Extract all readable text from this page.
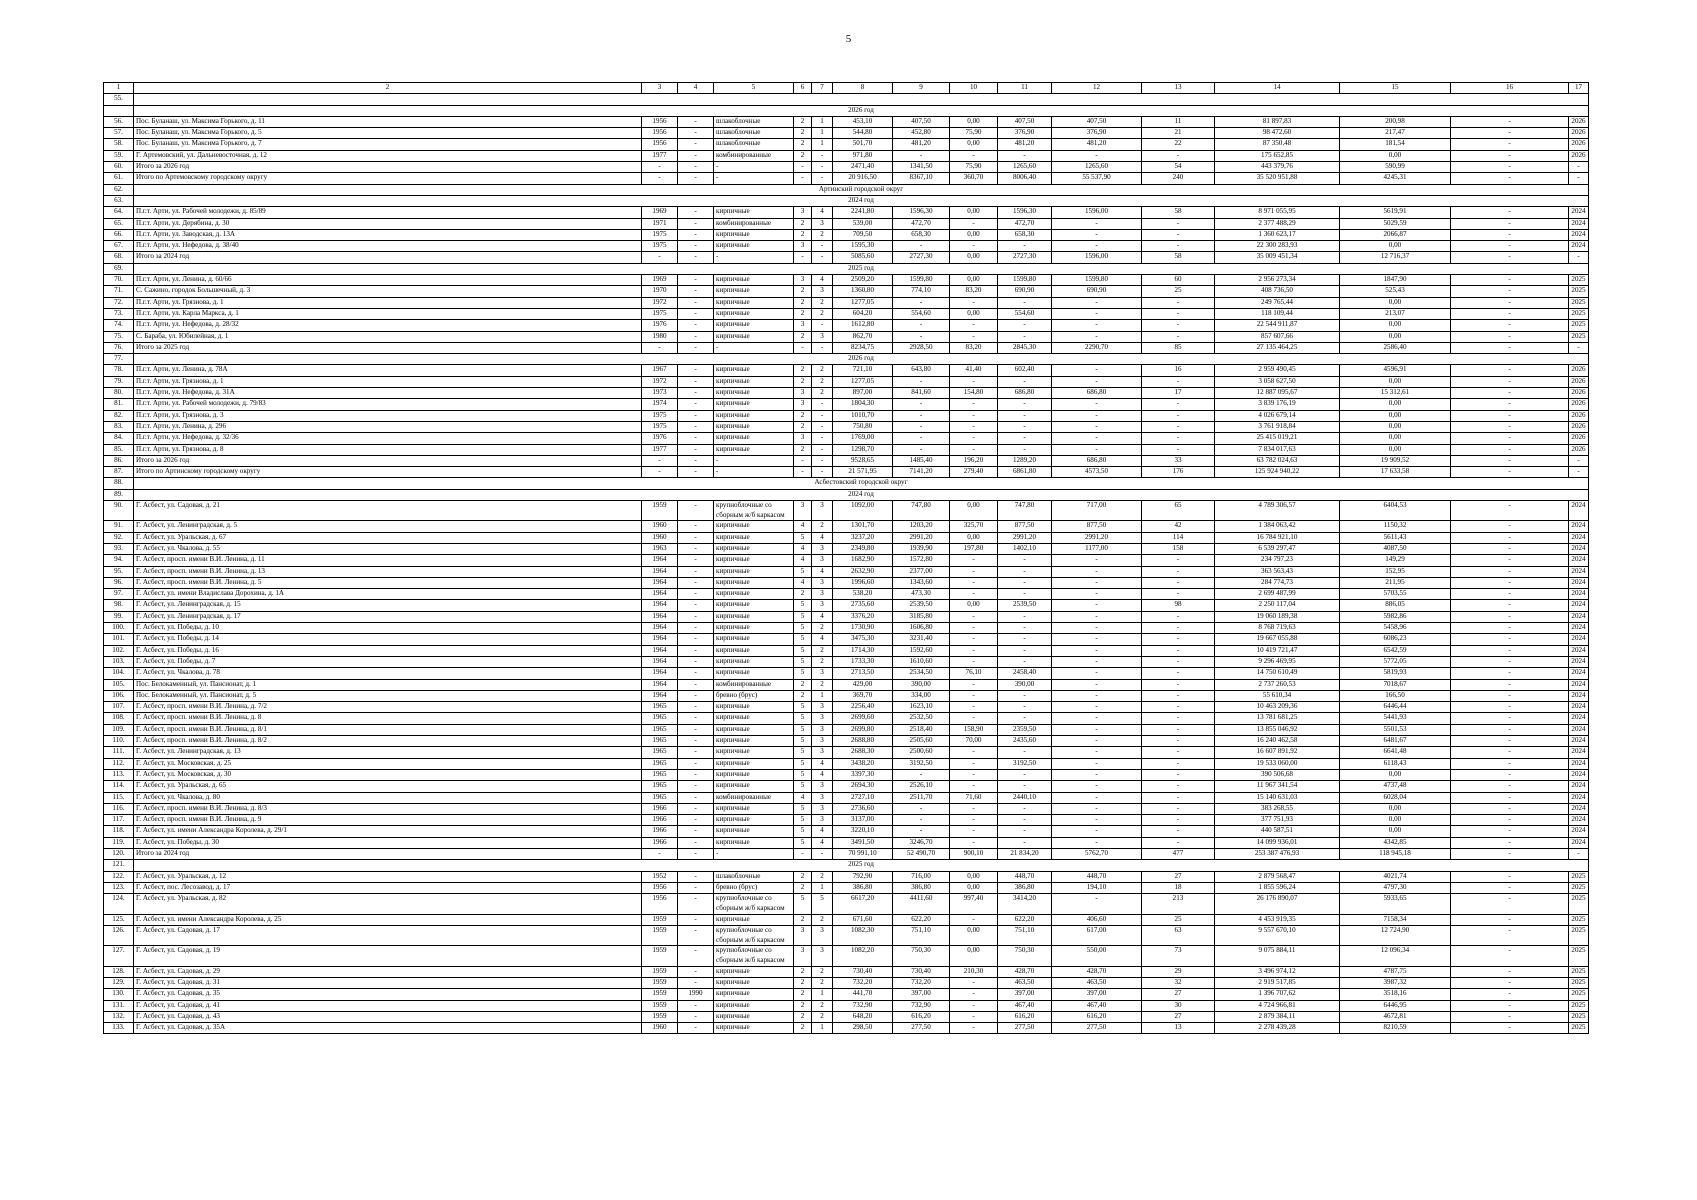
5
1	2	3	4	5	6	7	8	9	10	11	12	13	14	15	16	17
55.																
	2026 год															
56.	Пос. Буланаш, ул. Максима Горького, д. 11	1956	-	шлакоблочные	2	1	453,10	407,50	0,00	407,50	407,50	11	81 897,83	200,98	-	2026
57.	Пос. Буланаш, ул. Максима Горького, д. 5	1956	-	шлакоблочные	2	1	544,80	452,80	75,90	376,90	376,90	21	98 472,60	217,47	-	2026
58.	Пос. Буланаш, ул. Максима Горького, д. 7	1956	-	шлакоблочные	2	1	501,70	481,20	0,00	481,20	481,20	22	87 350,48	181,54	-	2026
59.	Г. Артемовский, ул. Дальневосточная, д. 12	1977	-	комбинированные	2	-	971,80	-	-	-	-	-	175 652,85	0,00	-	2026
60.	Итого за 2026 год	-	-	-	-	-	2471,40	1341,50	75,90	1265,60	1265,60	54	443 379,76	590,99	-	-
61.	Итого по Артемовскому городскому округу	-	-	-	-	-	20 916,50	8367,10	360,70	8006,40	55 537,90	240	35 520 951,88	4245,31	-	-
62.	Артинский городской округ															
63.	2024 год															
64.	П.г.т. Арти, ул. Рабочей молодежи, д. 85/89	1969	-	кирпичные	3	4	2241,80	1596,30	0,00	1596,30	1596,00	58	8 971 055,95	5619,91	-	2024
65.	П.г.т. Арти, ул. Дерябина, д. 30	1971	-	комбинированные	2	3	539,00	472,70	-	472,70	-	-	2 377 488,29	5029,59	-	2024
66.	П.г.т. Арти, ул. Заводская, д. 13А	1975	-	кирпичные	2	2	709,50	658,30	0,00	658,30	-	-	1 360 623,17	2066,87	-	2024
67.	П.г.т. Арти, ул. Нефедова, д. 38/40	1975	-	кирпичные	3	-	1595,30	-	-	-	-	-	22 300 283,93	0,00	-	2024
68.	Итого за 2024 год	-	-	-	-	-	5085,60	2727,30	0,00	2727,30	1596,00	58	35 009 451,34	12 716,37	-	-
69.	2025 год															
70.	П.г.т. Арти, ул. Ленина, д. 60/66	1969	-	кирпичные	3	4	2509,20	1599,80	0,00	1599,80	1599,80	60	2 956 273,34	1847,90	-	2025
71.	С. Сажино, городок Большечный, д. 3	1970	-	кирпичные	2	3	1360,80	774,10	83,20	690,90	690,90	25	408 736,50	525,43	-	2025
72.	П.г.т. Арти, ул. Грязнова, д. 1	1972	-	кирпичные	2	2	1277,05	-	-	-	-	-	249 765,44	0,00	-	2025
73.	П.г.т. Арти, ул. Карла Маркса, д. 1	1975	-	кирпичные	2	2	604,20	554,60	0,00	554,60	-	-	118 109,44	213,07	-	2025
74.	П.г.т. Арти, ул. Нефедова, д. 28/32	1976	-	кирпичные	3	-	1612,80	-	-	-	-	-	22 544 911,87	0,00	-	2025
75.	С. Бараба, ул. Юбилейная, д. 1	1980	-	кирпичные	2	3	862,70	-	-	-	-	-	857 607,66	0,00	-	2025
76.	Итого за 2025 год	-	-	-	-	-	8234,75	2928,50	83,20	2845,30	2290,70	85	27 135 464,25	2586,40	-	-
77.	2026 год															
78.	П.г.т. Арти, ул. Ленина, д. 78А	1967	-	кирпичные	2	2	721,10	643,80	41,40	602,40	-	16	2 959 490,45	4596,91	-	2026
79.	П.г.т. Арти, ул. Грязнова, д. 1	1972	-	кирпичные	2	2	1277,05	-	-	-	-	-	3 058 627,50	0,00	-	2026
80.	П.г.т. Арти, ул. Нефедова, д. 31А	1973	-	кирпичные	3	2	897,00	841,60	154,80	686,80	686,80	17	12 887 095,67	15 312,61	-	2026
81.	П.г.т. Арти, ул. Рабочей молодежи, д. 79/83	1974	-	кирпичные	3	-	1804,30	-	-	-	-	-	3 839 176,19	0,00	-	2026
82.	П.г.т. Арти, ул. Грязнова, д. 3	1975	-	кирпичные	2	-	1010,70	-	-	-	-	-	4 026 679,14	0,00	-	2026
83.	П.г.т. Арти, ул. Ленина, д. 296	1975	-	кирпичные	2	-	750,80	-	-	-	-	-	3 761 918,84	0,00	-	2026
84.	П.г.т. Арти, ул. Нефедова, д. 32/36	1976	-	кирпичные	3	-	1769,00	-	-	-	-	-	25 415 019,21	0,00	-	2026
85.	П.г.т. Арти, ул. Грязнова, д. 8	1977	-	кирпичные	2	-	1298,70	-	-	-	-	-	7 834 017,63	0,00	-	2026
86.	Итого за 2026 год	-	-	-	-	-	9528,65	1485,40	196,20	1289,20	686,80	33	63 782 024,63	19 909,52	-	-
87.	Итого по Артинскому городскому округу	-	-	-	-	-	21 571,95	7141,20	279,40	6861,80	4573,50	176	125 924 940,22	17 633,58	-	-
88.	Асбестовский городской округ															
89.	2024 год															
90.	Г. Асбест, ул. Садовая, д. 21	1959	-	крупноблочные со сборным ж/б каркасом	3	3	1092,00	747,80	0,00	747,80	717,00	65	4 789 306,57	6404,53	-	2024
91.	Г. Асбест, ул. Ленинградская, д. 5	1960	-	кирпичные	4	2	1301,70	1203,20	325,70	877,50	877,50	42	1 384 063,42	1150,32	-	2024
92.	Г. Асбест, ул. Уральская, д. 67	1960	-	кирпичные	5	4	3237,20	2991,20	0,00	2991,20	2991,20	114	16 784 921,10	5611,43	-	2024
93.	Г. Асбест, ул. Чкалова, д. 55	1963	-	кирпичные	4	3	2349,80	1939,90	197,80	1402,10	1177,00	158	6 539 297,47	4087,50	-	2024
94.	Г. Асбест, просп. имени В.И. Ленина, д. 11	1964	-	кирпичные	4	3	1682,90	1572,80	-	-	-	-	234 797,23	149,29	-	2024
95.	Г. Асбест, просп. имени В.И. Ленина, д. 13	1964	-	кирпичные	5	4	2632,90	2377,00	-	-	-	-	363 563,43	152,95	-	2024
96.	Г. Асбест, просп. имени В.И. Ленина, д. 5	1964	-	кирпичные	4	3	1996,60	1343,60	-	-	-	-	284 774,73	211,95	-	2024
97.	Г. Асбест, ул. имени Владислава Дорохина, д. 1А	1964	-	кирпичные	2	3	538,20	473,30	-	-	-	-	2 699 487,99	5703,55	-	2024
98.	Г. Асбест, ул. Ленинградская, д. 15	1964	-	кирпичные	5	3	2735,60	2539,50	0,00	2539,50	-	98	2 250 117,04	886,05	-	2024
99.	Г. Асбест, ул. Ленинградская, д. 17	1964	-	кирпичные	5	4	3376,20	3185,80	-	-	-	-	19 060 189,38	5982,86	-	2024
100.	Г. Асбест, ул. Победы, д. 10	1964	-	кирпичные	5	2	1730,90	1606,80	-	-	-	-	8 768 719,63	5458,96	-	2024
101.	Г. Асбест, ул. Победы, д. 14	1964	-	кирпичные	5	4	3475,30	3231,40	-	-	-	-	19 667 055,88	6086,23	-	2024
102.	Г. Асбест, ул. Победы, д. 16	1964	-	кирпичные	5	2	1714,30	1592,60	-	-	-	-	10 419 721,47	6542,59	-	2024
103.	Г. Асбест, ул. Победы, д. 7	1964	-	кирпичные	5	2	1733,30	1610,60	-	-	-	-	9 296 469,95	5772,05	-	2024
104.	Г. Асбест, ул. Чкалова, д. 78	1964	-	кирпичные	5	3	2713,50	2534,50	76,10	2458,40	-	-	14 750 610,49	5819,93	-	2024
105.	Пос. Белокаменный, ул. Пансионат, д. 1	1964	-	комбинированные	2	2	429,00	390,00	-	390,00	-	-	2 737 260,53	7018,67	-	2024
106.	Пос. Белокаменный, ул. Пансионат, д. 5	1964	-	бревно (брус)	2	1	369,70	334,00	-	-	-	-	55 610,34	166,50	-	2024
107.	Г. Асбест, просп. имени В.И. Ленина, д. 7/2	1965	-	кирпичные	5	3	2256,40	1623,10	-	-	-	-	10 463 209,36	6446,44	-	2024
108.	Г. Асбест, просп. имени В.И. Ленина, д. 8	1965	-	кирпичные	5	3	2699,60	2532,50	-	-	-	-	13 781 681,25	5441,93	-	2024
109.	Г. Асбест, просп. имени В.И. Ленина, д. 8/1	1965	-	кирпичные	5	3	2699,80	2518,40	158,90	2359,50	-	-	13 855 046,92	5501,53	-	2024
110.	Г. Асбест, просп. имени В.И. Ленина, д. 8/2	1965	-	кирпичные	5	3	2688,80	2505,60	70,00	2435,60	-	-	16 240 462,58	6481,67	-	2024
111.	Г. Асбест, ул. Ленинградская, д. 13	1965	-	кирпичные	5	3	2688,30	2500,60	-	-	-	-	16 607 891,92	6641,48	-	2024
112.	Г. Асбест, ул. Московская, д. 25	1965	-	кирпичные	5	4	3438,20	3192,50	-	3192,50	-	-	19 533 060,00	6118,43	-	2024
113.	Г. Асбест, ул. Московская, д. 30	1965	-	кирпичные	5	4	3397,30	-	-	-	-	-	390 506,68	0,00	-	2024
114.	Г. Асбест, ул. Уральская, д. 65	1965	-	кирпичные	5	3	2694,30	2526,10	-	-	-	-	11 967 341,54	4737,48	-	2024
115.	Г. Асбест, ул. Чкалова, д. 80	1965	-	комбинированные	4	3	2727,10	2511,70	71,60	2440,10	-	-	15 140 631,03	6028,04	-	2024
116.	Г. Асбест, просп. имени В.И. Ленина, д. 8/3	1966	-	кирпичные	5	3	2736,60	-	-	-	-	-	383 268,55	0,00	-	2024
117.	Г. Асбест, просп. имени В.И. Ленина, д. 9	1966	-	кирпичные	5	3	3137,00	-	-	-	-	-	377 751,93	0,00	-	2024
118.	Г. Асбест, ул. имени Александра Королева, д. 29/1	1966	-	кирпичные	5	4	3220,10	-	-	-	-	-	440 587,51	0,00	-	2024
119.	Г. Асбест, ул. Победы, д. 30	1966	-	кирпичные	5	4	3491,50	3246,70	-	-	-	-	14 099 936,01	4342,85	-	2024
120.	Итого за 2024 год	-	-	-	-	-	70 991,10	52 490,70	900,10	21 834,20	5762,70	477	253 387 476,93	118 945,18	-	-
121.	2025 год															
122.	Г. Асбест, ул. Уральская, д. 12	1952	-	шлакоблочные	2	2	792,90	716,00	0,00	448,70	448,70	27	2 879 568,47	4021,74	-	2025
123.	Г. Асбест, пос. Лесозавод, д. 17	1956	-	бревно (брус)	2	1	386,80	386,80	0,00	386,80	194,10	18	1 855 596,24	4797,30	-	2025
124.	Г. Асбест, ул. Уральская, д. 82	1956	-	крупноблочные со сборным ж/б каркасом	5	5	6617,20	4411,60	997,40	3414,20	-	213	26 176 890,07	5933,65	-	2025
125.	Г. Асбест, ул. имени Александра Королева, д. 25	1959	-	кирпичные	2	2	671,60	622,20	-	622,20	406,60	25	4 453 919,35	7158,34	-	2025
126.	Г. Асбест, ул. Садовая, д. 17	1959	-	крупноблочные со сборным ж/б каркасом	3	3	1082,30	751,10	0,00	751,10	617,00	63	9 557 670,10	12 724,90	-	2025
127.	Г. Асбест, ул. Садовая, д. 19	1959	-	крупноблочные со сборным ж/б каркасом	3	3	1082,20	750,30	0,00	750,30	550,00	73	9 075 884,11	12 096,34	-	2025
128.	Г. Асбест, ул. Садовая, д. 29	1959	-	кирпичные	2	2	730,40	730,40	210,30	428,70	428,70	29	3 496 974,12	4787,75	-	2025
129.	Г. Асбест, ул. Садовая, д. 31	1959	-	кирпичные	2	2	732,20	732,20	-	463,50	463,50	32	2 919 517,85	3987,32	-	2025
130.	Г. Асбест, ул. Садовая, д. 35	1959	1990	кирпичные	2	1	441,70	397,00	-	397,00	397,00	27	1 396 707,62	3518,16	-	2025
131.	Г. Асбест, ул. Садовая, д. 41	1959	-	кирпичные	2	2	732,90	732,90	-	467,40	467,40	30	4 724 966,81	6446,95	-	2025
132.	Г. Асбест, ул. Садовая, д. 43	1959	-	кирпичные	2	2	648,20	616,20	-	616,20	616,20	27	2 879 384,11	4672,81	-	2025
133.	Г. Асбест, ул. Садовая, д. 35А	1960	-	кирпичные	2	1	298,50	277,50	-	277,50	277,50	13	2 278 439,28	8210,59	-	2025
